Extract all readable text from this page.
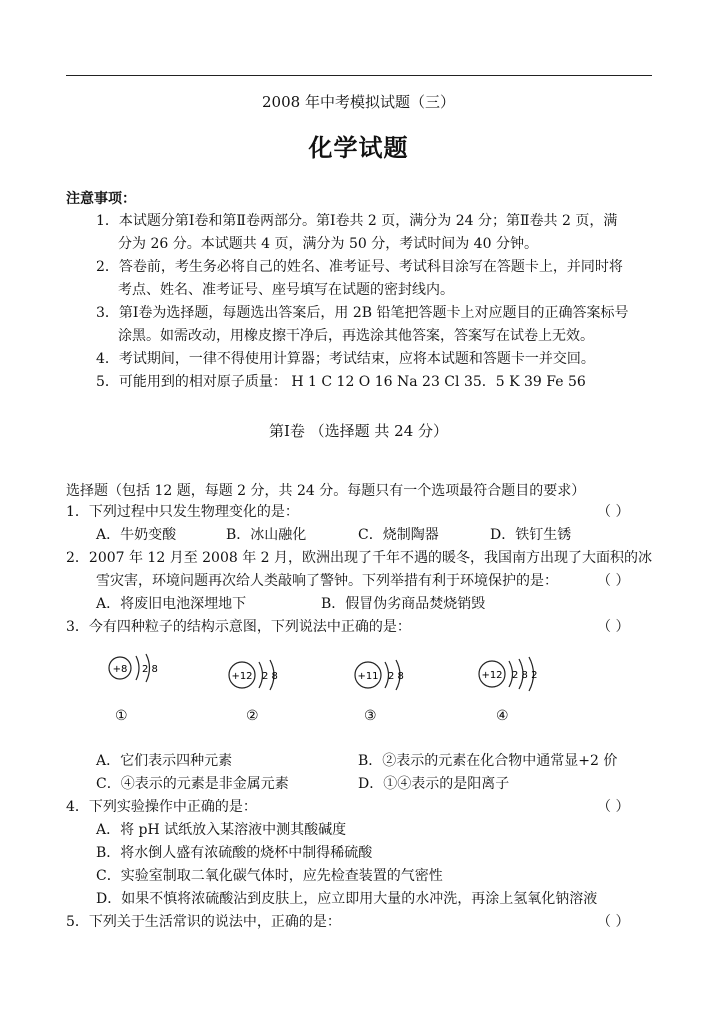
2008 年中考模拟试题（三）
化学试题
注意事项：
1．本试题分第Ⅰ卷和第Ⅱ卷两部分。第Ⅰ卷共 2 页，满分为 24 分；第Ⅱ卷共 2 页，满
分为 26 分。本试题共 4 页，满分为 50 分，考试时间为 40 分钟。
2．答卷前，考生务必将自己的姓名、准考证号、考试科目涂写在答题卡上，并同时将
考点、姓名、准考证号、座号填写在试题的密封线内。
3．第Ⅰ卷为选择题，每题选出答案后，用 2B 铅笔把答题卡上对应题目的正确答案标号
涂黑。如需改动，用橡皮擦干净后，再选涂其他答案，答案写在试卷上无效。
4．考试期间，一律不得使用计算器；考试结束，应将本试题和答题卡一并交回。
5．可能用到的相对原子质量： H 1 C 12 O 16 Na 23 Cl 35．5 K 39 Fe 56
第Ⅰ卷 （选择题 共 24 分）
选择题（包括 12 题，每题 2 分，共 24 分。每题只有一个选项最符合题目的要求）
1．下列过程中只发生物理变化的是：	（ ）
A．牛奶变酸	B．冰山融化	C．烧制陶器	D．铁钉生锈
2．2007 年 12 月至 2008 年 2 月，欧洲出现了千年不遇的暖冬，我国南方出现了大面积的冰
雪灾害，环境问题再次给人类敲响了警钟。下列举措有利于环境保护的是：	（ ）
A．将废旧电池深埋地下	B．假冒伪劣商品焚烧销毁
3．今有四种粒子的结构示意图，下列说法中正确的是：	（ ）
+8 2 8
①
+12 2 8
②
+11 2 8
③
+12 2 8 2
④
A．它们表示四种元素	B．②表示的元素在化合物中通常显+2 价
C．④表示的元素是非金属元素	D．①④表示的是阳离子
4．下列实验操作中正确的是：	（ ）
A．将 pH 试纸放入某溶液中测其酸碱度
B．将水倒人盛有浓硫酸的烧杯中制得稀硫酸
C．实验室制取二氧化碳气体时，应先检查装置的气密性
D．如果不慎将浓硫酸沾到皮肤上，应立即用大量的水冲洗，再涂上氢氧化钠溶液
5．下列关于生活常识的说法中，正确的是：	（ ）
